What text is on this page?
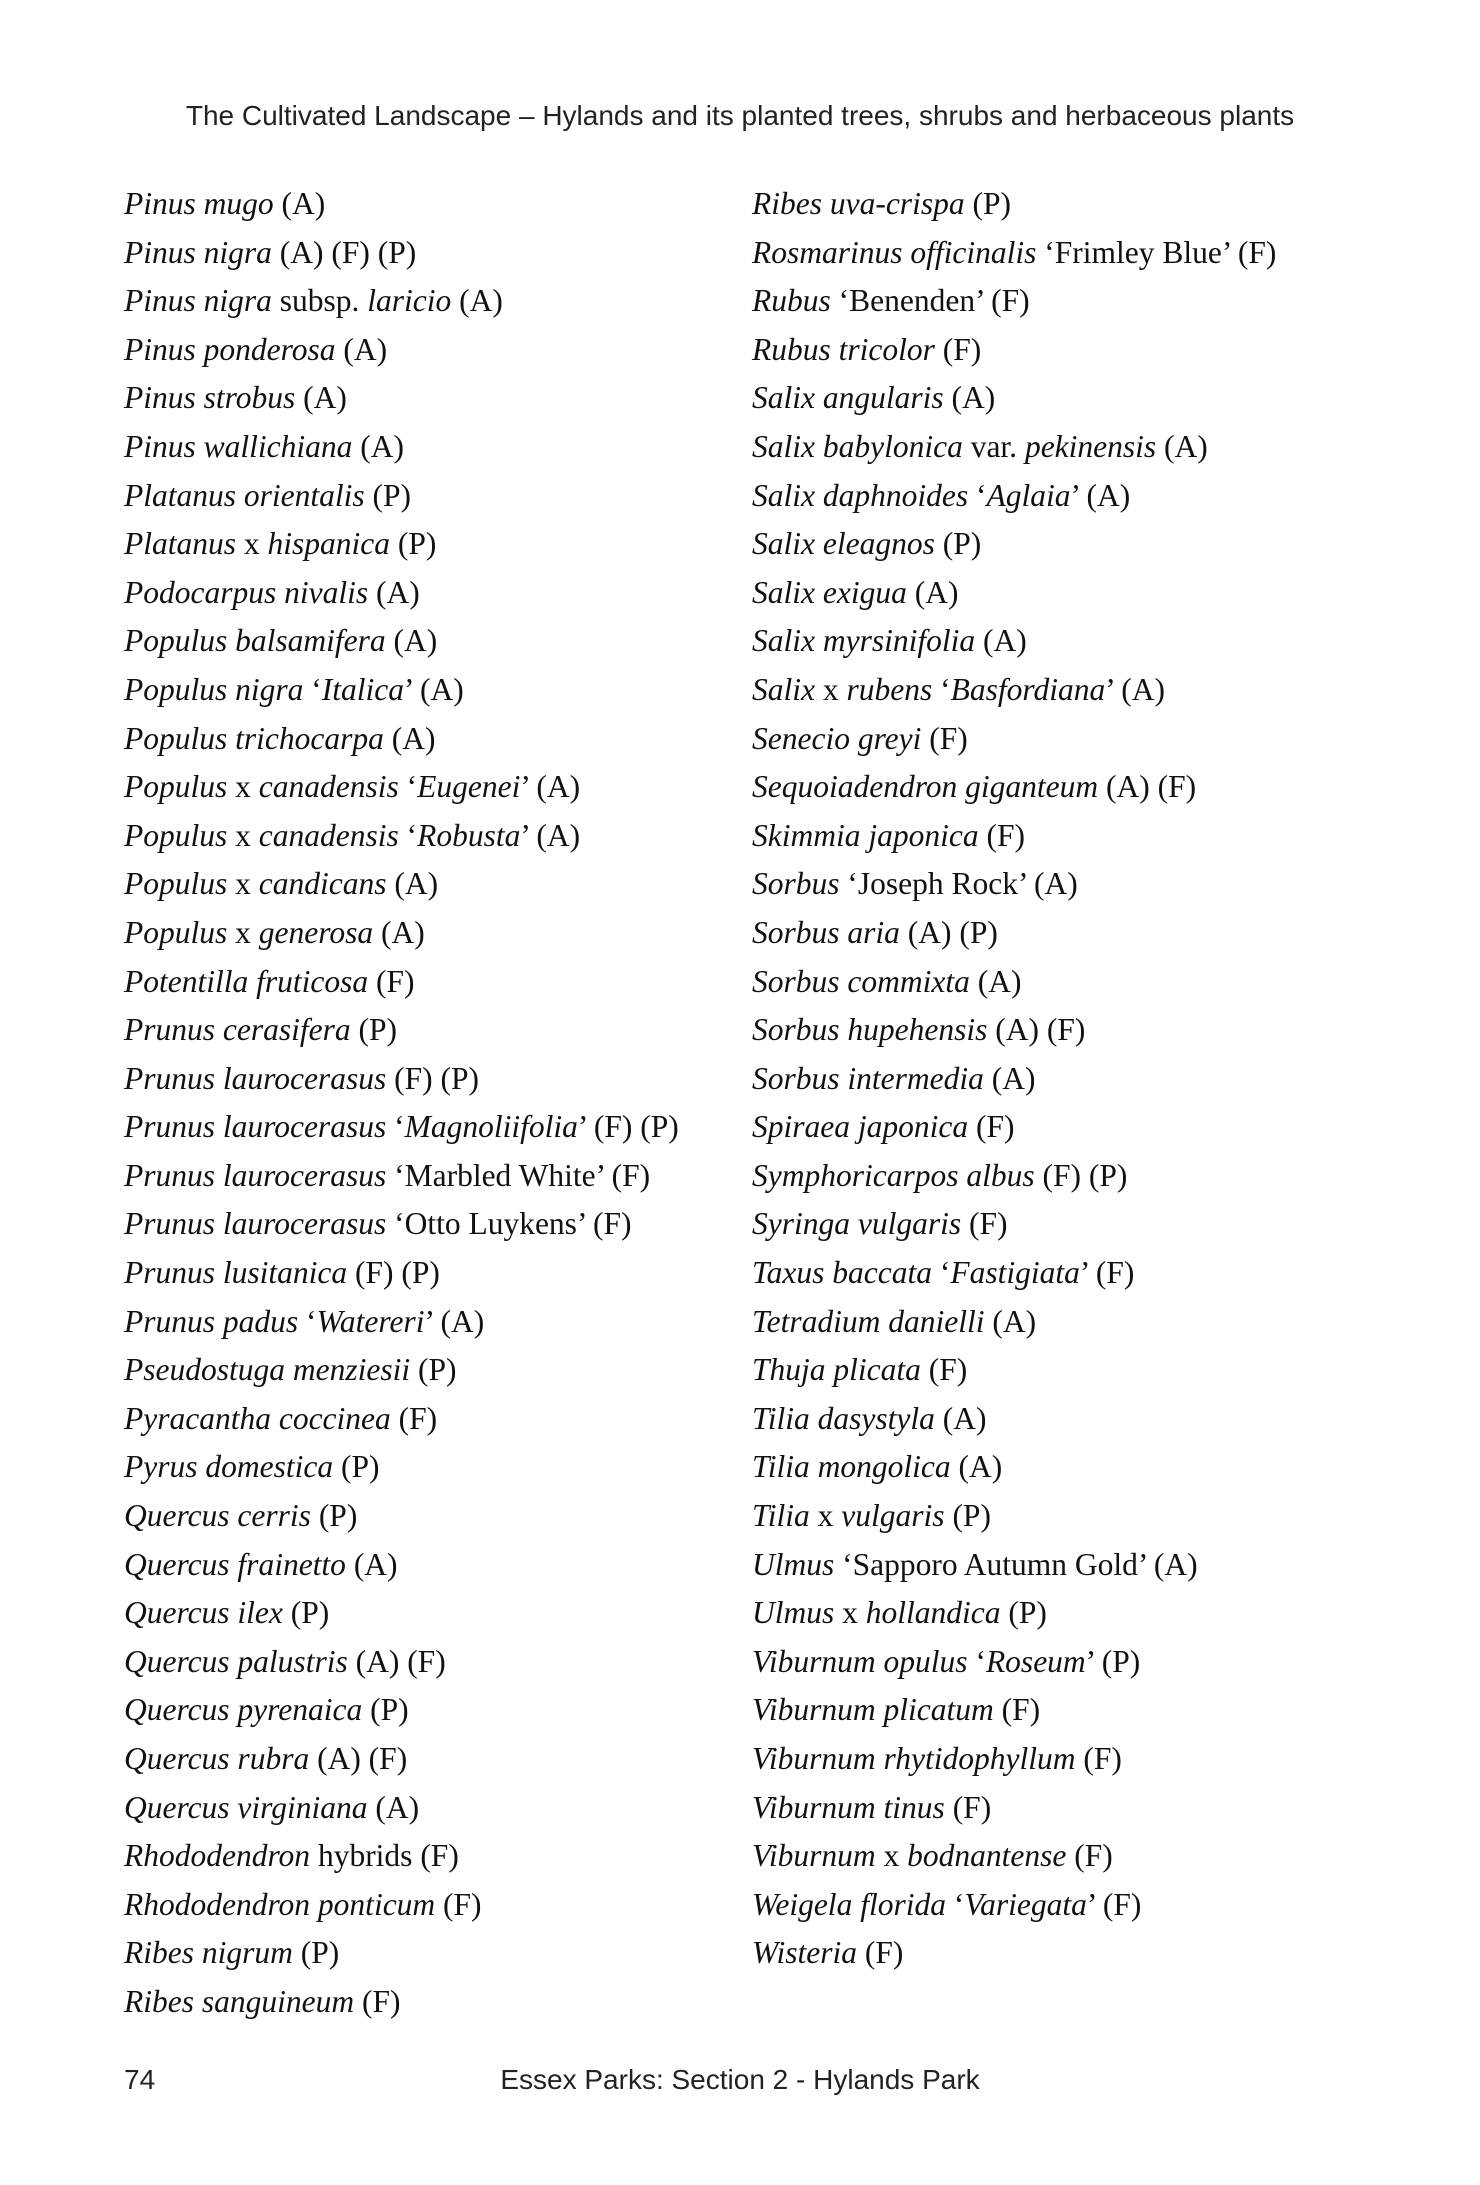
The Cultivated Landscape – Hylands and its planted trees, shrubs and herbaceous plants
Pinus mugo (A)
Pinus nigra (A) (F) (P)
Pinus nigra subsp. laricio (A)
Pinus ponderosa (A)
Pinus strobus (A)
Pinus wallichiana (A)
Platanus orientalis (P)
Platanus x hispanica (P)
Podocarpus nivalis (A)
Populus balsamifera (A)
Populus nigra ‘Italica’ (A)
Populus trichocarpa (A)
Populus x canadensis ‘Eugenei’ (A)
Populus x canadensis ‘Robusta’ (A)
Populus x candicans (A)
Populus x generosa (A)
Potentilla fruticosa (F)
Prunus cerasifera (P)
Prunus laurocerasus (F) (P)
Prunus laurocerasus ‘Magnoliifolia’ (F) (P)
Prunus laurocerasus ‘Marbled White’ (F)
Prunus laurocerasus ‘Otto Luykens’ (F)
Prunus lusitanica (F) (P)
Prunus padus ‘Watereri’ (A)
Pseudostuga menziesii (P)
Pyracantha coccinea (F)
Pyrus domestica (P)
Quercus cerris (P)
Quercus frainetto (A)
Quercus ilex (P)
Quercus palustris (A) (F)
Quercus pyrenaica (P)
Quercus rubra (A) (F)
Quercus virginiana (A)
Rhododendron hybrids (F)
Rhododendron ponticum (F)
Ribes nigrum (P)
Ribes sanguineum (F)
Ribes uva-crispa (P)
Rosmarinus officinalis ‘Frimley Blue’ (F)
Rubus ‘Benenden’ (F)
Rubus tricolor (F)
Salix angularis (A)
Salix babylonica var. pekinensis (A)
Salix daphnoides ‘Aglaia’ (A)
Salix eleagnos (P)
Salix exigua (A)
Salix myrsinifolia (A)
Salix x rubens ‘Basfordiana’ (A)
Senecio greyi (F)
Sequoiadendron giganteum (A) (F)
Skimmia japonica (F)
Sorbus ‘Joseph Rock’ (A)
Sorbus aria (A) (P)
Sorbus commixta (A)
Sorbus hupehensis (A) (F)
Sorbus intermedia (A)
Spiraea japonica (F)
Symphoricarpos albus (F) (P)
Syringa vulgaris (F)
Taxus baccata ‘Fastigiata’ (F)
Tetradium danielli (A)
Thuja plicata (F)
Tilia dasystyla (A)
Tilia mongolica (A)
Tilia x vulgaris (P)
Ulmus ‘Sapporo Autumn Gold’ (A)
Ulmus x hollandica (P)
Viburnum opulus ‘Roseum’ (P)
Viburnum plicatum (F)
Viburnum rhytidophyllum (F)
Viburnum tinus (F)
Viburnum x bodnantense (F)
Weigela florida ‘Variegata’ (F)
Wisteria (F)
74	Essex Parks: Section 2 - Hylands Park
